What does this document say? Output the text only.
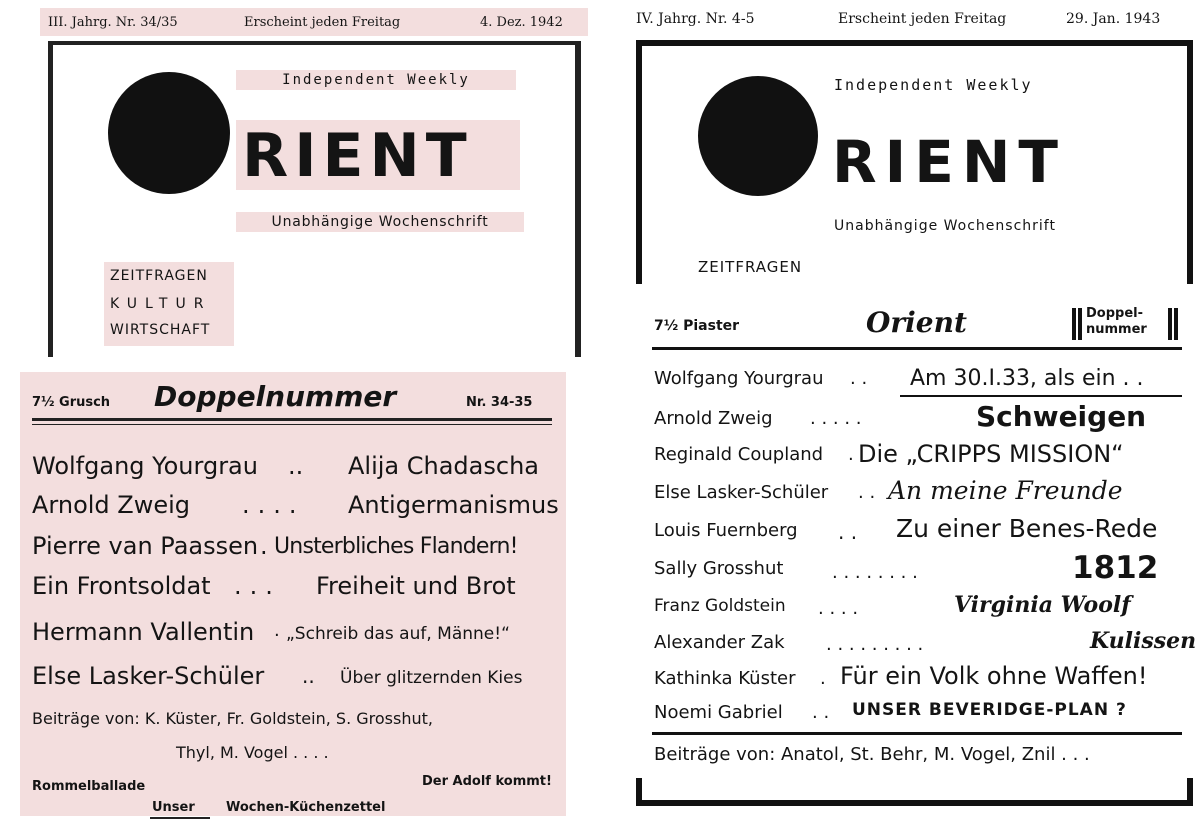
III. Jahrg. Nr. 34/35	Erscheint jeden Freitag	4. Dez. 1942
Independent Weekly
RIENT
Unabhängige Wochenschrift
ZEITFRAGEN
KULTUR
WIRTSCHAFT
7½ Grusch Doppelnummer	Nr. 34-35
Wolfgang Yourgrau .. Alija Chadascha
Arnold Zweig .... Antigermanismus
Pierre van Paassen . Unsterbliches Flandern!
Ein Frontsoldat ... Freiheit und Brot
Hermann Vallentin . „Schreib das auf, Männe!“
Else Lasker-Schüler .. Über glitzernden Kies
Beiträge von: K. Küster, Fr. Goldstein, S. Grosshut,
Thyl, M. Vogel . . . .
Rommelballade	Der Adolf kommt!
Unser Wochen-Küchenzettel
IV. Jahrg. Nr. 4-5	Erscheint jeden Freitag	29. Jan. 1943
Independent Weekly
RIENT
Unabhängige Wochenschrift
ZEITFRAGEN
7½ Piaster	Orient	Doppel-
nummer
Wolfgang Yourgrau . . Am 30.I.33, als ein . .
Arnold Zweig . . . . .	Schweigen
Reginald Coupland . Die „CRIPPS MISSION“
Else Lasker-Schüler . . An meine Freunde
Louis Fuernberg . . Zu einer Benes-Rede
Sally Grosshut	. . . . . . . .	1812
Franz Goldstein . . . .	Virginia Woolf
Alexander Zak . . . . . . . . .	Kulissen
Kathinka Küster . Für ein Volk ohne Waffen!
Noemi Gabriel . . UNSER BEVERIDGE-PLAN ?
Beiträge von: Anatol, St. Behr, M. Vogel, Znil . . .
